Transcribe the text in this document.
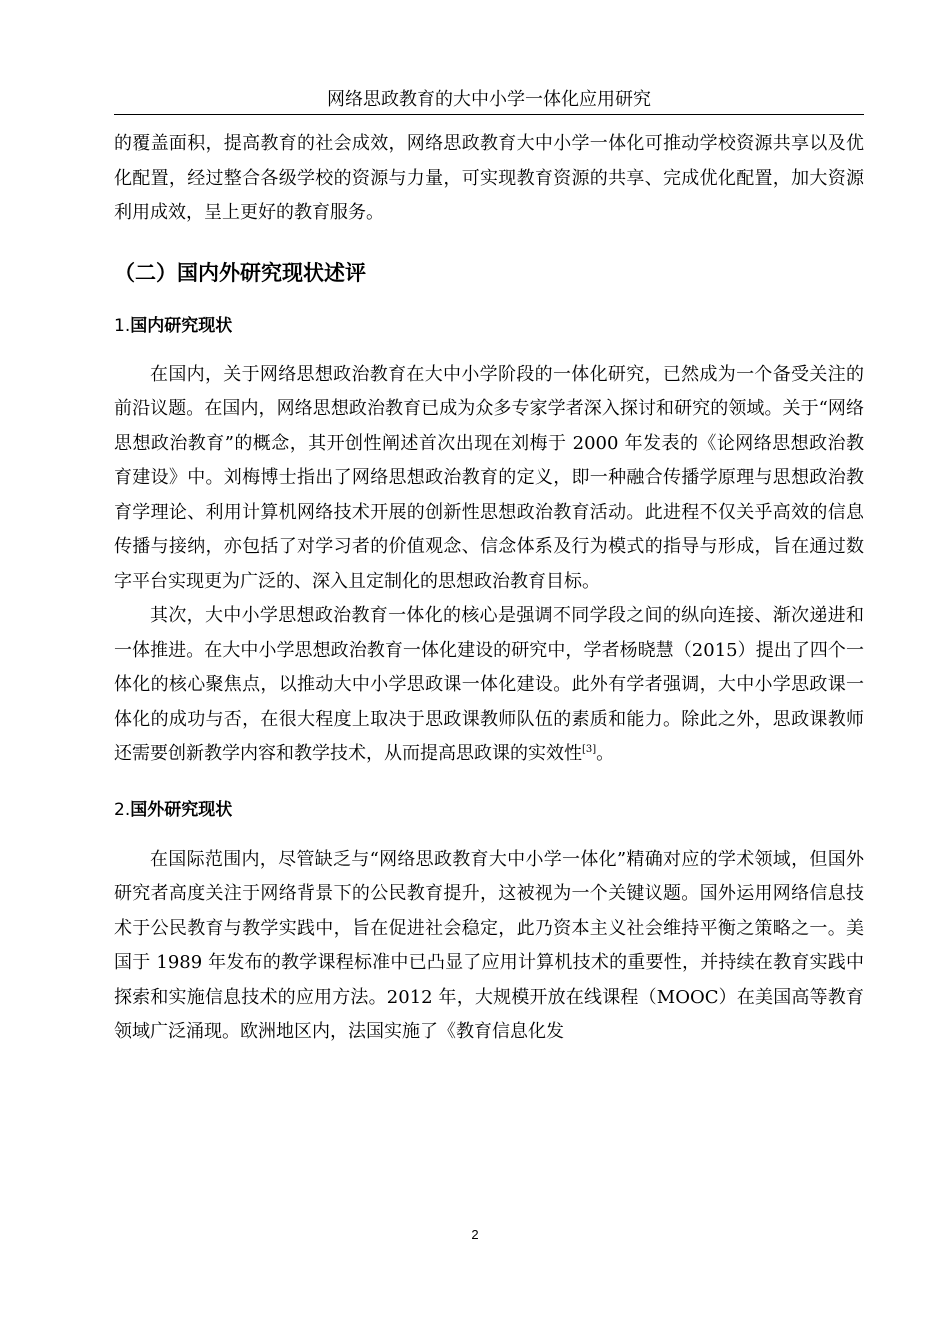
网络思政教育的大中小学一体化应用研究

的覆盖面积，提高教育的社会成效，网络思政教育大中小学一体化可推动学校资源共享以及优化配置，经过整合各级学校的资源与力量，可实现教育资源的共享、完成优化配置，加大资源利用成效，呈上更好的教育服务。

（二）国内外研究现状述评

1.国内研究现状

在国内，关于网络思想政治教育在大中小学阶段的一体化研究，已然成为一个备受关注的前沿议题。在国内，网络思想政治教育已成为众多专家学者深入探讨和研究的领域。关于“网络思想政治教育”的概念，其开创性阐述首次出现在刘梅于 2000 年发表的《论网络思想政治教育建设》中。刘梅博士指出了网络思想政治教育的定义，即一种融合传播学原理与思想政治教育学理论、利用计算机网络技术开展的创新性思想政治教育活动。此进程不仅关乎高效的信息传播与接纳，亦包括了对学习者的价值观念、信念体系及行为模式的指导与形成，旨在通过数字平台实现更为广泛的、深入且定制化的思想政治教育目标。

其次，大中小学思想政治教育一体化的核心是强调不同学段之间的纵向连接、渐次递进和一体推进。在大中小学思想政治教育一体化建设的研究中，学者杨晓慧（2015）提出了四个一体化的核心聚焦点，以推动大中小学思政课一体化建设。此外有学者强调，大中小学思政课一体化的成功与否，在很大程度上取决于思政课教师队伍的素质和能力。除此之外，思政课教师还需要创新教学内容和教学技术，从而提高思政课的实效性[3]。

2.国外研究现状

在国际范围内，尽管缺乏与“网络思政教育大中小学一体化”精确对应的学术领域，但国外研究者高度关注于网络背景下的公民教育提升，这被视为一个关键议题。国外运用网络信息技术于公民教育与教学实践中，旨在促进社会稳定，此乃资本主义社会维持平衡之策略之一。美国于 1989 年发布的教学课程标准中已凸显了应用计算机技术的重要性，并持续在教育实践中探索和实施信息技术的应用方法。2012 年，大规模开放在线课程（MOOC）在美国高等教育领域广泛涌现。欧洲地区内，法国实施了《教育信息化发

2
